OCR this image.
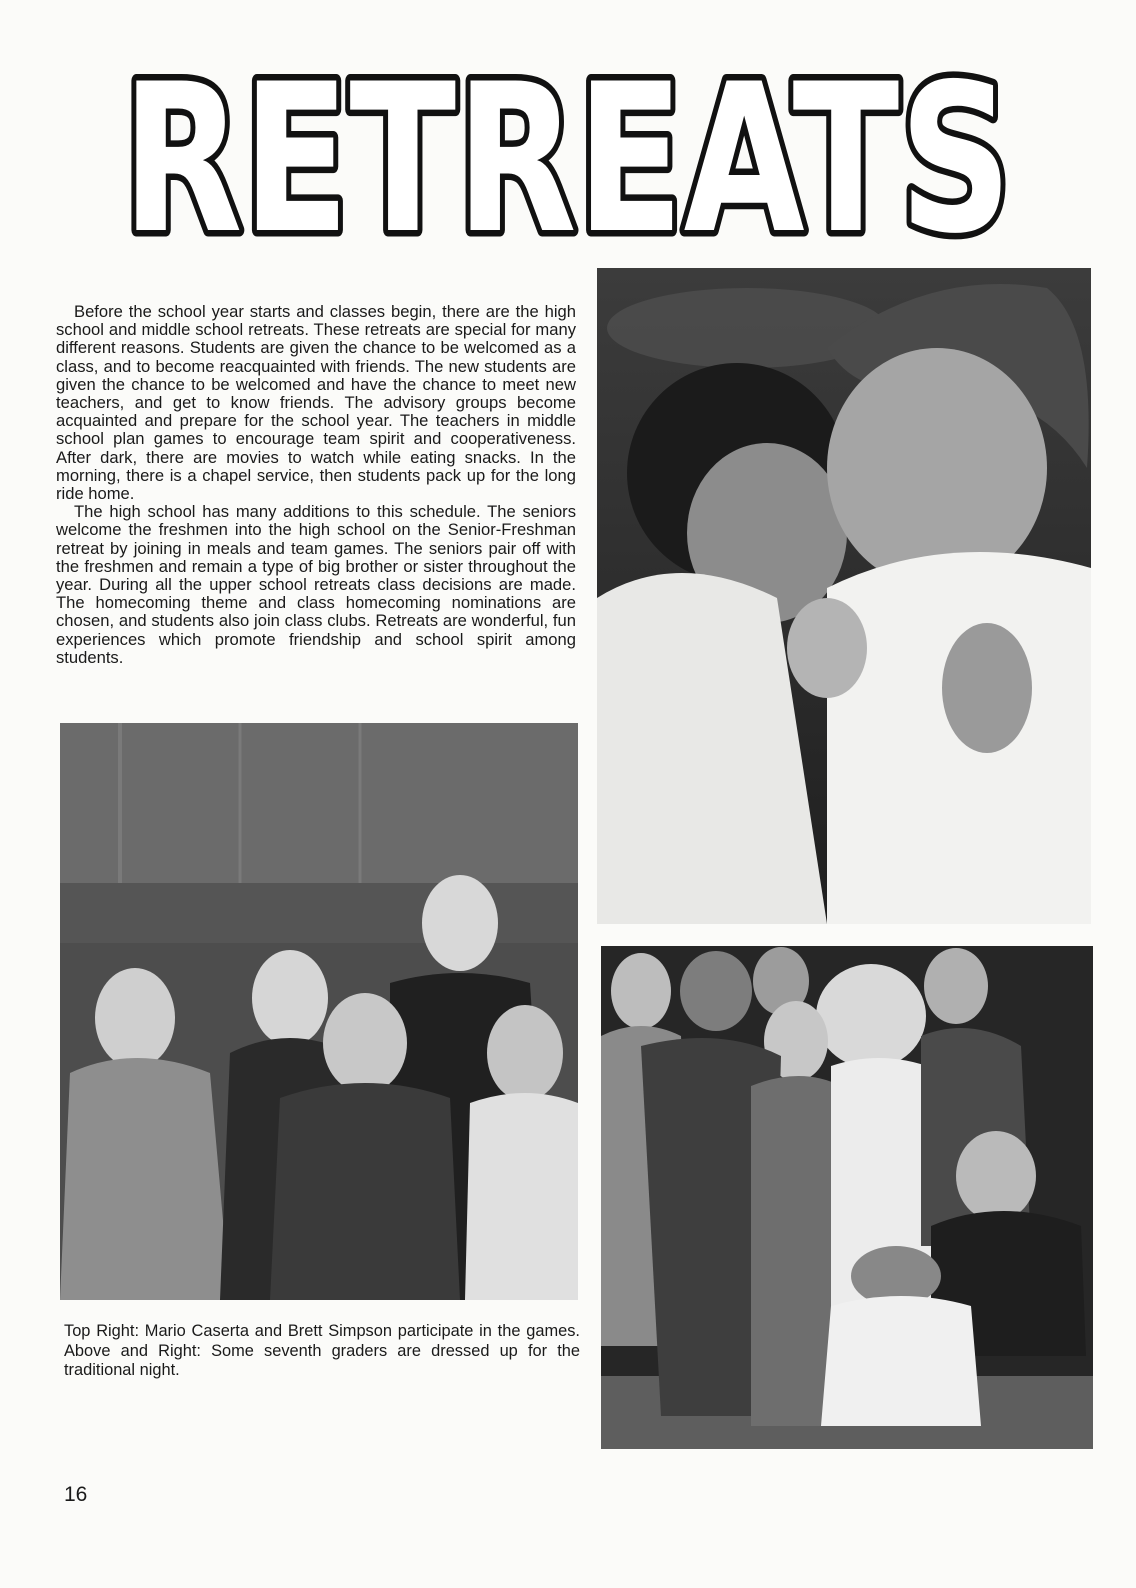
RETREATS

Before the school year starts and classes begin, there are the high school and middle school retreats. These retreats are special for many different reasons. Students are given the chance to be welcomed as a class, and to become reacquainted with friends. The new students are given the chance to be welcomed and have the chance to meet new teachers, and get to know friends. The advisory groups become acquainted and prepare for the school year. The teachers in middle school plan games to encourage team spirit and cooperativeness. After dark, there are movies to watch while eating snacks. In the morning, there is a chapel service, then students pack up for the long ride home.

The high school has many additions to this schedule. The seniors welcome the freshmen into the high school on the Senior-Freshman retreat by joining in meals and team games. The seniors pair off with the freshmen and remain a type of big brother or sister throughout the year. During all the upper school retreats class decisions are made. The homecoming theme and class homecoming nominations are chosen, and students also join class clubs. Retreats are wonderful, fun experiences which promote friendship and school spirit among students.

Top Right: Mario Caserta and Brett Simpson participate in the games. Above and Right: Some seventh graders are dressed up for the traditional night.
16
